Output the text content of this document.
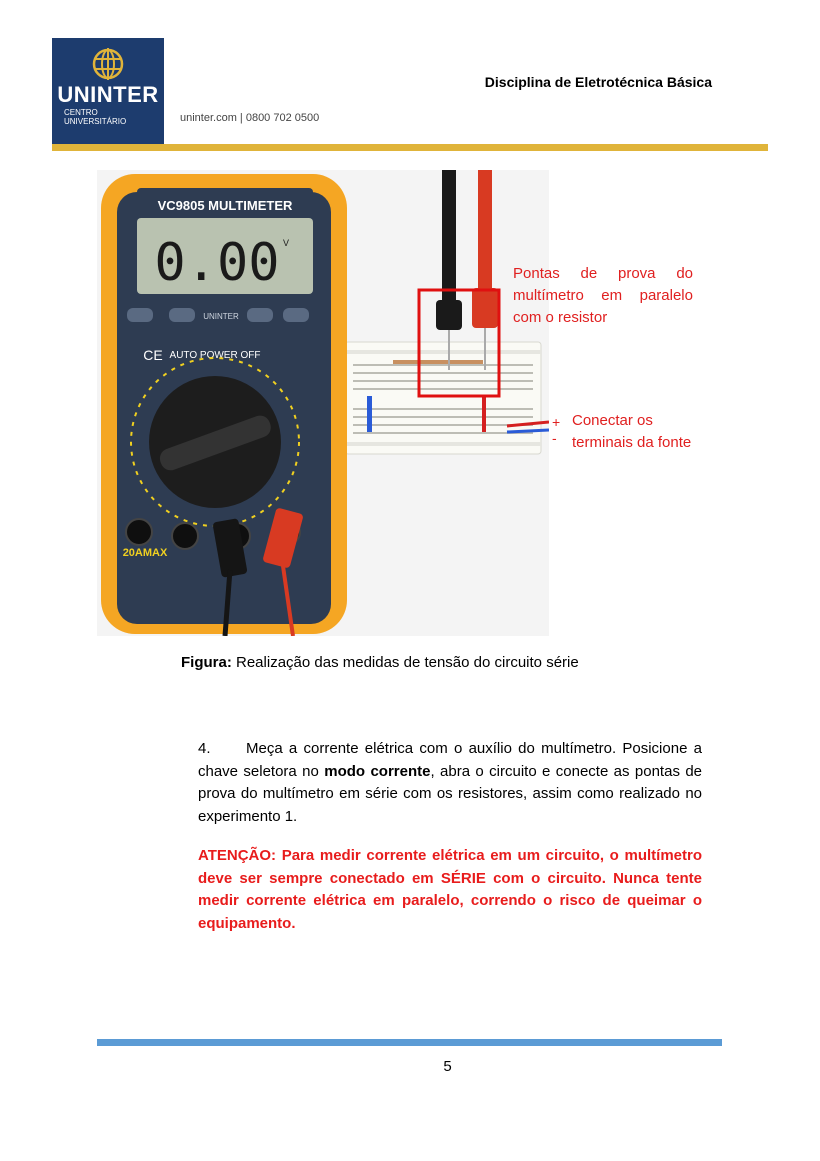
UNINTER
CENTRO
UNIVERSITÁRIO	uninter.com | 0800 702 0500
Disciplina de Eletrotécnica Básica
VC9805 MULTIMETER
0.00 V
UNINTER
AUTO POWER OFF
CE
20AMAX
Pontas de prova do multímetro em paralelo com o resistor
+
-
Conectar os terminais da fonte
Figura: Realização das medidas de tensão do circuito série
4. Meça a corrente elétrica com o auxílio do multímetro. Posicione a chave seletora no modo corrente, abra o circuito e conecte as pontas de prova do multímetro em série com os resistores, assim como realizado no experimento 1.
ATENÇÃO: Para medir corrente elétrica em um circuito, o multímetro deve ser sempre conectado em SÉRIE com o circuito. Nunca tente medir corrente elétrica em paralelo, correndo o risco de queimar o equipamento.
5
